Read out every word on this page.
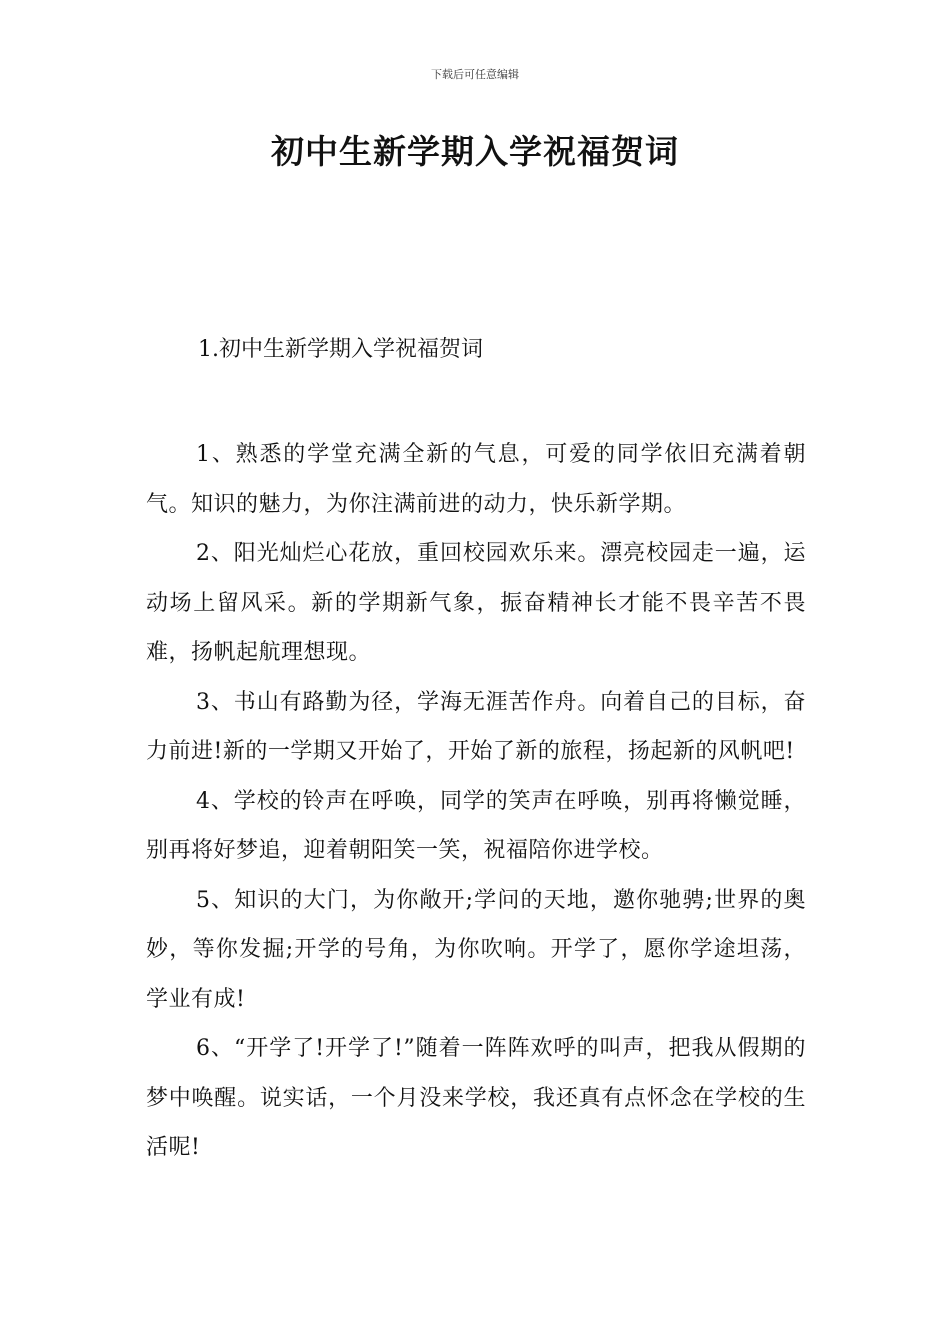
下载后可任意编辑
初中生新学期入学祝福贺词

1.初中生新学期入学祝福贺词

1、熟悉的学堂充满全新的气息，可爱的同学依旧充满着朝气。知识的魅力，为你注满前进的动力，快乐新学期。

2、阳光灿烂心花放，重回校园欢乐来。漂亮校园走一遍，运动场上留风采。新的学期新气象，振奋精神长才能不畏辛苦不畏难，扬帆起航理想现。

3、书山有路勤为径，学海无涯苦作舟。向着自己的目标，奋力前进!新的一学期又开始了，开始了新的旅程，扬起新的风帆吧!

4、学校的铃声在呼唤，同学的笑声在呼唤，别再将懒觉睡，别再将好梦追，迎着朝阳笑一笑，祝福陪你进学校。

5、知识的大门，为你敞开;学问的天地，邀你驰骋;世界的奥妙，等你发掘;开学的号角，为你吹响。开学了，愿你学途坦荡，学业有成!

6、“开学了!开学了!”随着一阵阵欢呼的叫声，把我从假期的梦中唤醒。说实话，一个月没来学校，我还真有点怀念在学校的生活呢!
